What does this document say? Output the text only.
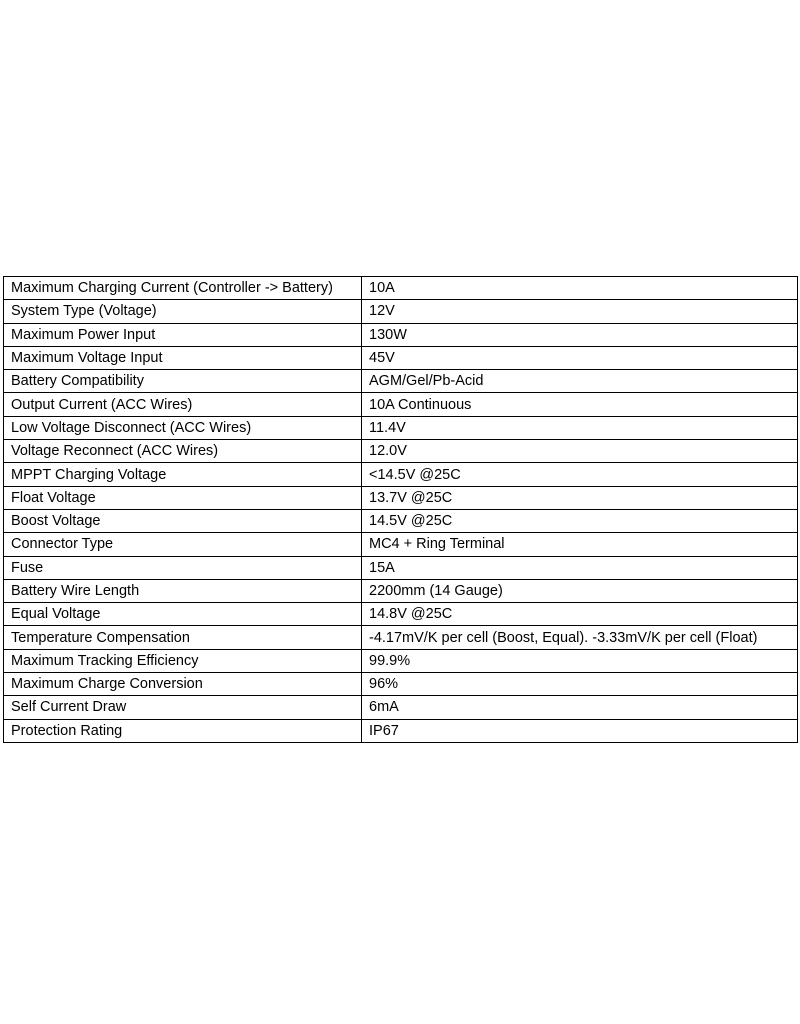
Maximum Charging Current (Controller -> Battery)	10A
System Type (Voltage)	12V
Maximum Power Input	130W
Maximum Voltage Input	45V
Battery Compatibility	AGM/Gel/Pb-Acid
Output Current (ACC Wires)	10A Continuous
Low Voltage Disconnect (ACC Wires)	11.4V
Voltage Reconnect (ACC Wires)	12.0V
MPPT Charging Voltage	<14.5V @25C
Float Voltage	13.7V @25C
Boost Voltage	14.5V @25C
Connector Type	MC4 + Ring Terminal
Fuse	15A
Battery Wire Length	2200mm (14 Gauge)
Equal Voltage	14.8V @25C
Temperature Compensation	-4.17mV/K per cell (Boost, Equal). -3.33mV/K per cell (Float)
Maximum Tracking Efficiency	99.9%
Maximum Charge Conversion	96%
Self Current Draw	6mA
Protection Rating	IP67
